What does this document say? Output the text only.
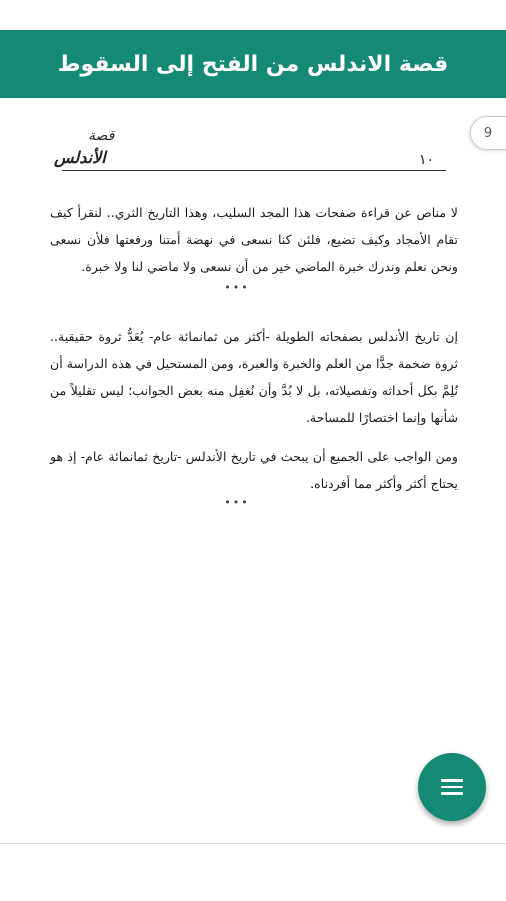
قصة الاندلس من الفتح إلى السقوط
9
قصة
الأندلس	١٠

لا مناص عن قراءة صفحات هذا المجد السليب، وهذا التاريخ الثري.. لنقرأ كيف تقام الأمجاد وكيف تضيع، فلئن كنا نسعى في نهضة أمتنا ورفعتها فلأن نسعى ونحن نعلم وندرك خبرة الماضي خير من أن نسعى ولا ماضي لنا ولا خبرة.

•••

إن تاريخ الأندلس بصفحاته الطويلة -أكثر من ثمانمائة عام- يُعَدُّ ثروة حقيقية.. ثروة ضخمة جدًّا من العلم والخبرة والعبرة، ومن المستحيل في هذه الدراسة أن نُلِمَّ بكل أحداثه وتفصيلاته، بل لا بُدَّ وأن نُغفِل منه بعض الجوانب؛ ليس تقليلاً من شأنها وإنما اختصارًا للمساحة.

ومن الواجب على الجميع أن يبحث في تاريخ الأندلس -تاريخ ثمانمائة عام- إذ هو يحتاج أكثر وأكثر مما أفردناه.

•••
